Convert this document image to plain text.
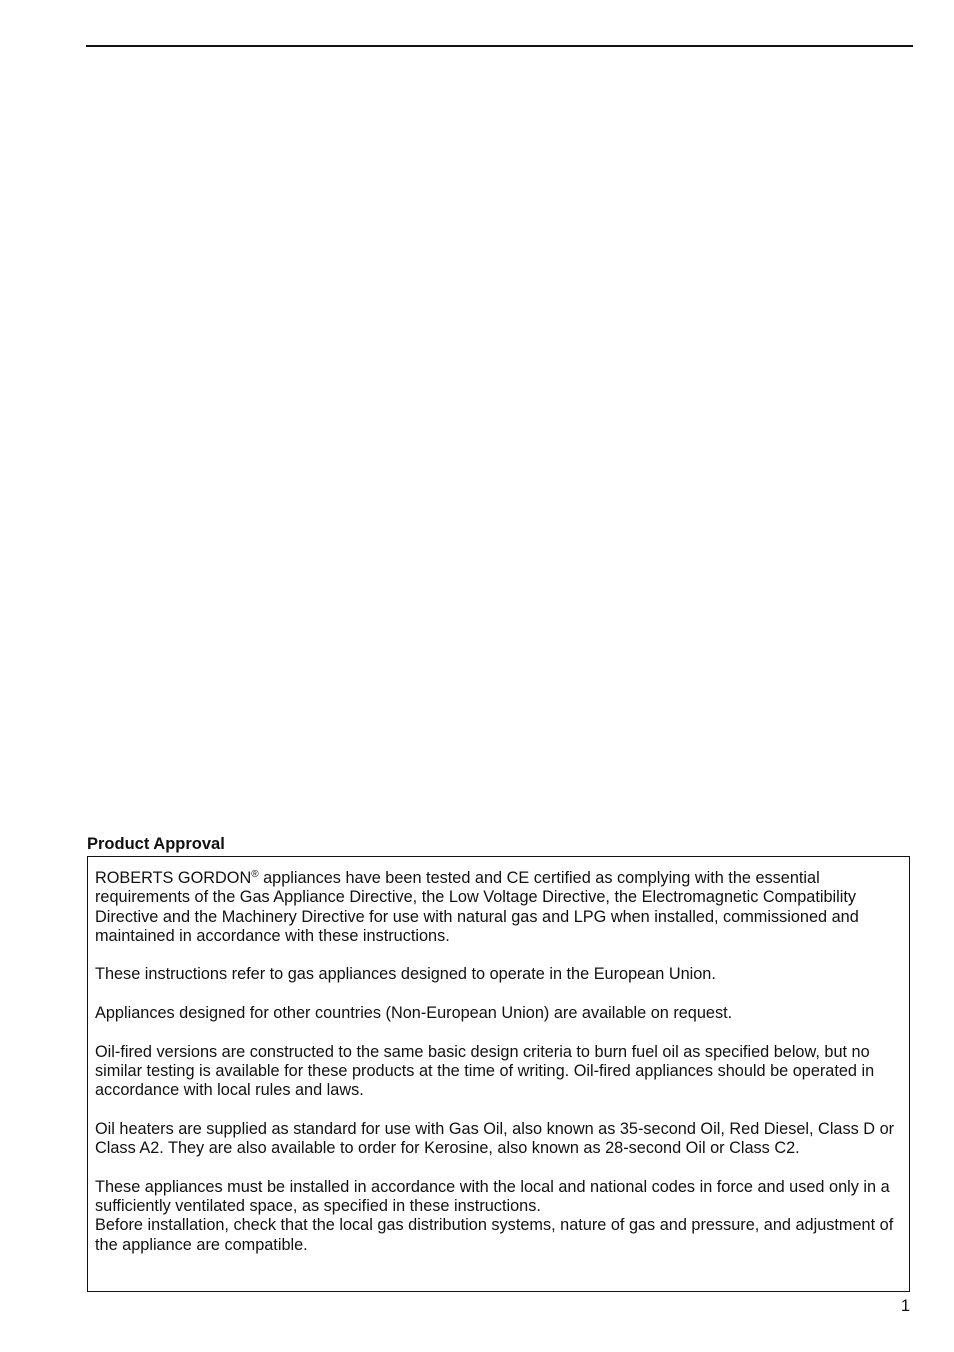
Product Approval

ROBERTS GORDON® appliances have been tested and CE certified as complying with the essential requirements of the Gas Appliance Directive, the Low Voltage Directive, the Electromagnetic Compatibility Directive and the Machinery Directive for use with natural gas and LPG when installed, commissioned and maintained in accordance with these instructions.

These instructions refer to gas appliances designed to operate in the European Union.

Appliances designed for other countries (Non-European Union) are available on request.

Oil-fired versions are constructed to the same basic design criteria to burn fuel oil as specified below, but no similar testing is available for these products at the time of writing. Oil-fired appliances should be operated in accordance with local rules and laws.

Oil heaters are supplied as standard for use with Gas Oil, also known as 35-second Oil, Red Diesel, Class D or Class A2. They are also available to order for Kerosine, also known as 28-second Oil or Class C2.

These appliances must be installed in accordance with the local and national codes in force and used only in a sufficiently ventilated space, as specified in these instructions.
Before installation, check that the local gas distribution systems, nature of gas and pressure, and adjustment of the appliance are compatible.

1
